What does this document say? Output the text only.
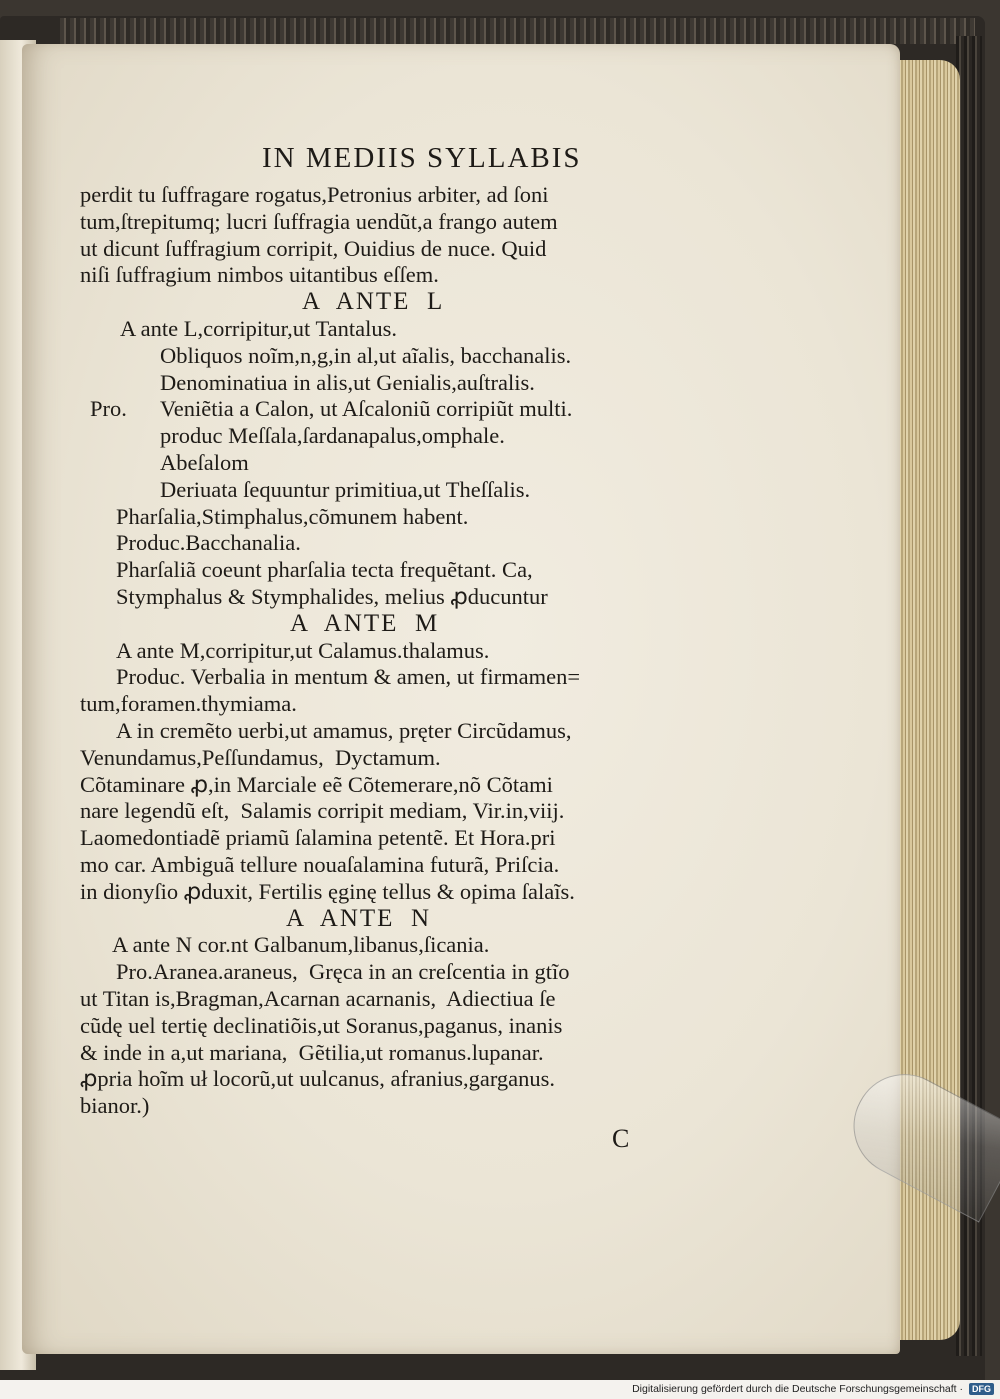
IN MEDIIS SYLLABIS
perdit tu ſuffragare rogatus,Petronius arbiter, ad ſoni
tum,ſtrepitumq; lucri ſuffragia uendũt,a frango autem
ut dicunt ſuffragium corripit, Ouidius de nuce. Quid
niſi ſuffragium nimbos uitantibus eſſem.
A  ANTE  L
A ante L,corripitur,ut Tantalus.
Obliquos noĩm,n,g,in al,ut aĩalis, bacchanalis.
Denominatiua in alis,ut Genialis,auſtralis.
Pro. Veniẽtia a Calon, ut Aſcaloniũ corripiũt multi.
produc Meſſala,ſardanapalus,omphale.
Abeſalom
Deriuata ſequuntur primitiua,ut Theſſalis.
Pharſalia,Stimphalus,cõmunem habent.
Produc.Bacchanalia.
Pharſaliã coeunt pharſalia tecta frequẽtant. Ca,
Stymphalus & Stymphalides, melius ꝓducuntur
A  ANTE  M
A ante M,corripitur,ut Calamus.thalamus.
Produc. Verbalia in mentum & amen, ut firmamen=
tum,foramen.thymiama.
A in cremẽto uerbi,ut amamus, pręter Circũdamus,
Venundamus,Peſſundamus,  Dyctamum.
Cõtaminare ꝓ,in Marciale eẽ Cõtemerare,nõ Cõtami
nare legendũ eſt,  Salamis corripit mediam, Vir.in,viij.
Laomedontiadẽ priamũ ſalamina petentẽ. Et Hora.pri
mo car. Ambiguã tellure nouaſalamina futurã, Priſcia.
in dionyſio ꝓduxit, Fertilis ęginę tellus & opima ſalaĩs.
A  ANTE  N
A ante N cor.nt Galbanum,libanus,ſicania.
Pro.Aranea.araneus,  Gręca in an creſcentia in gtĩo
ut Titan is,Bragman,Acarnan acarnanis,  Adiectiua ſe
cũdę uel tertię declinatiõis,ut Soranus,paganus, inanis
& inde in a,ut mariana,  Gẽtilia,ut romanus.lupanar.
ꝓpria hoĩm uł locorũ,ut uulcanus, afranius,garganus.
bianor.)
C
Digitalisierung gefördert durch die Deutsche Forschungsgemeinschaft · DFG
